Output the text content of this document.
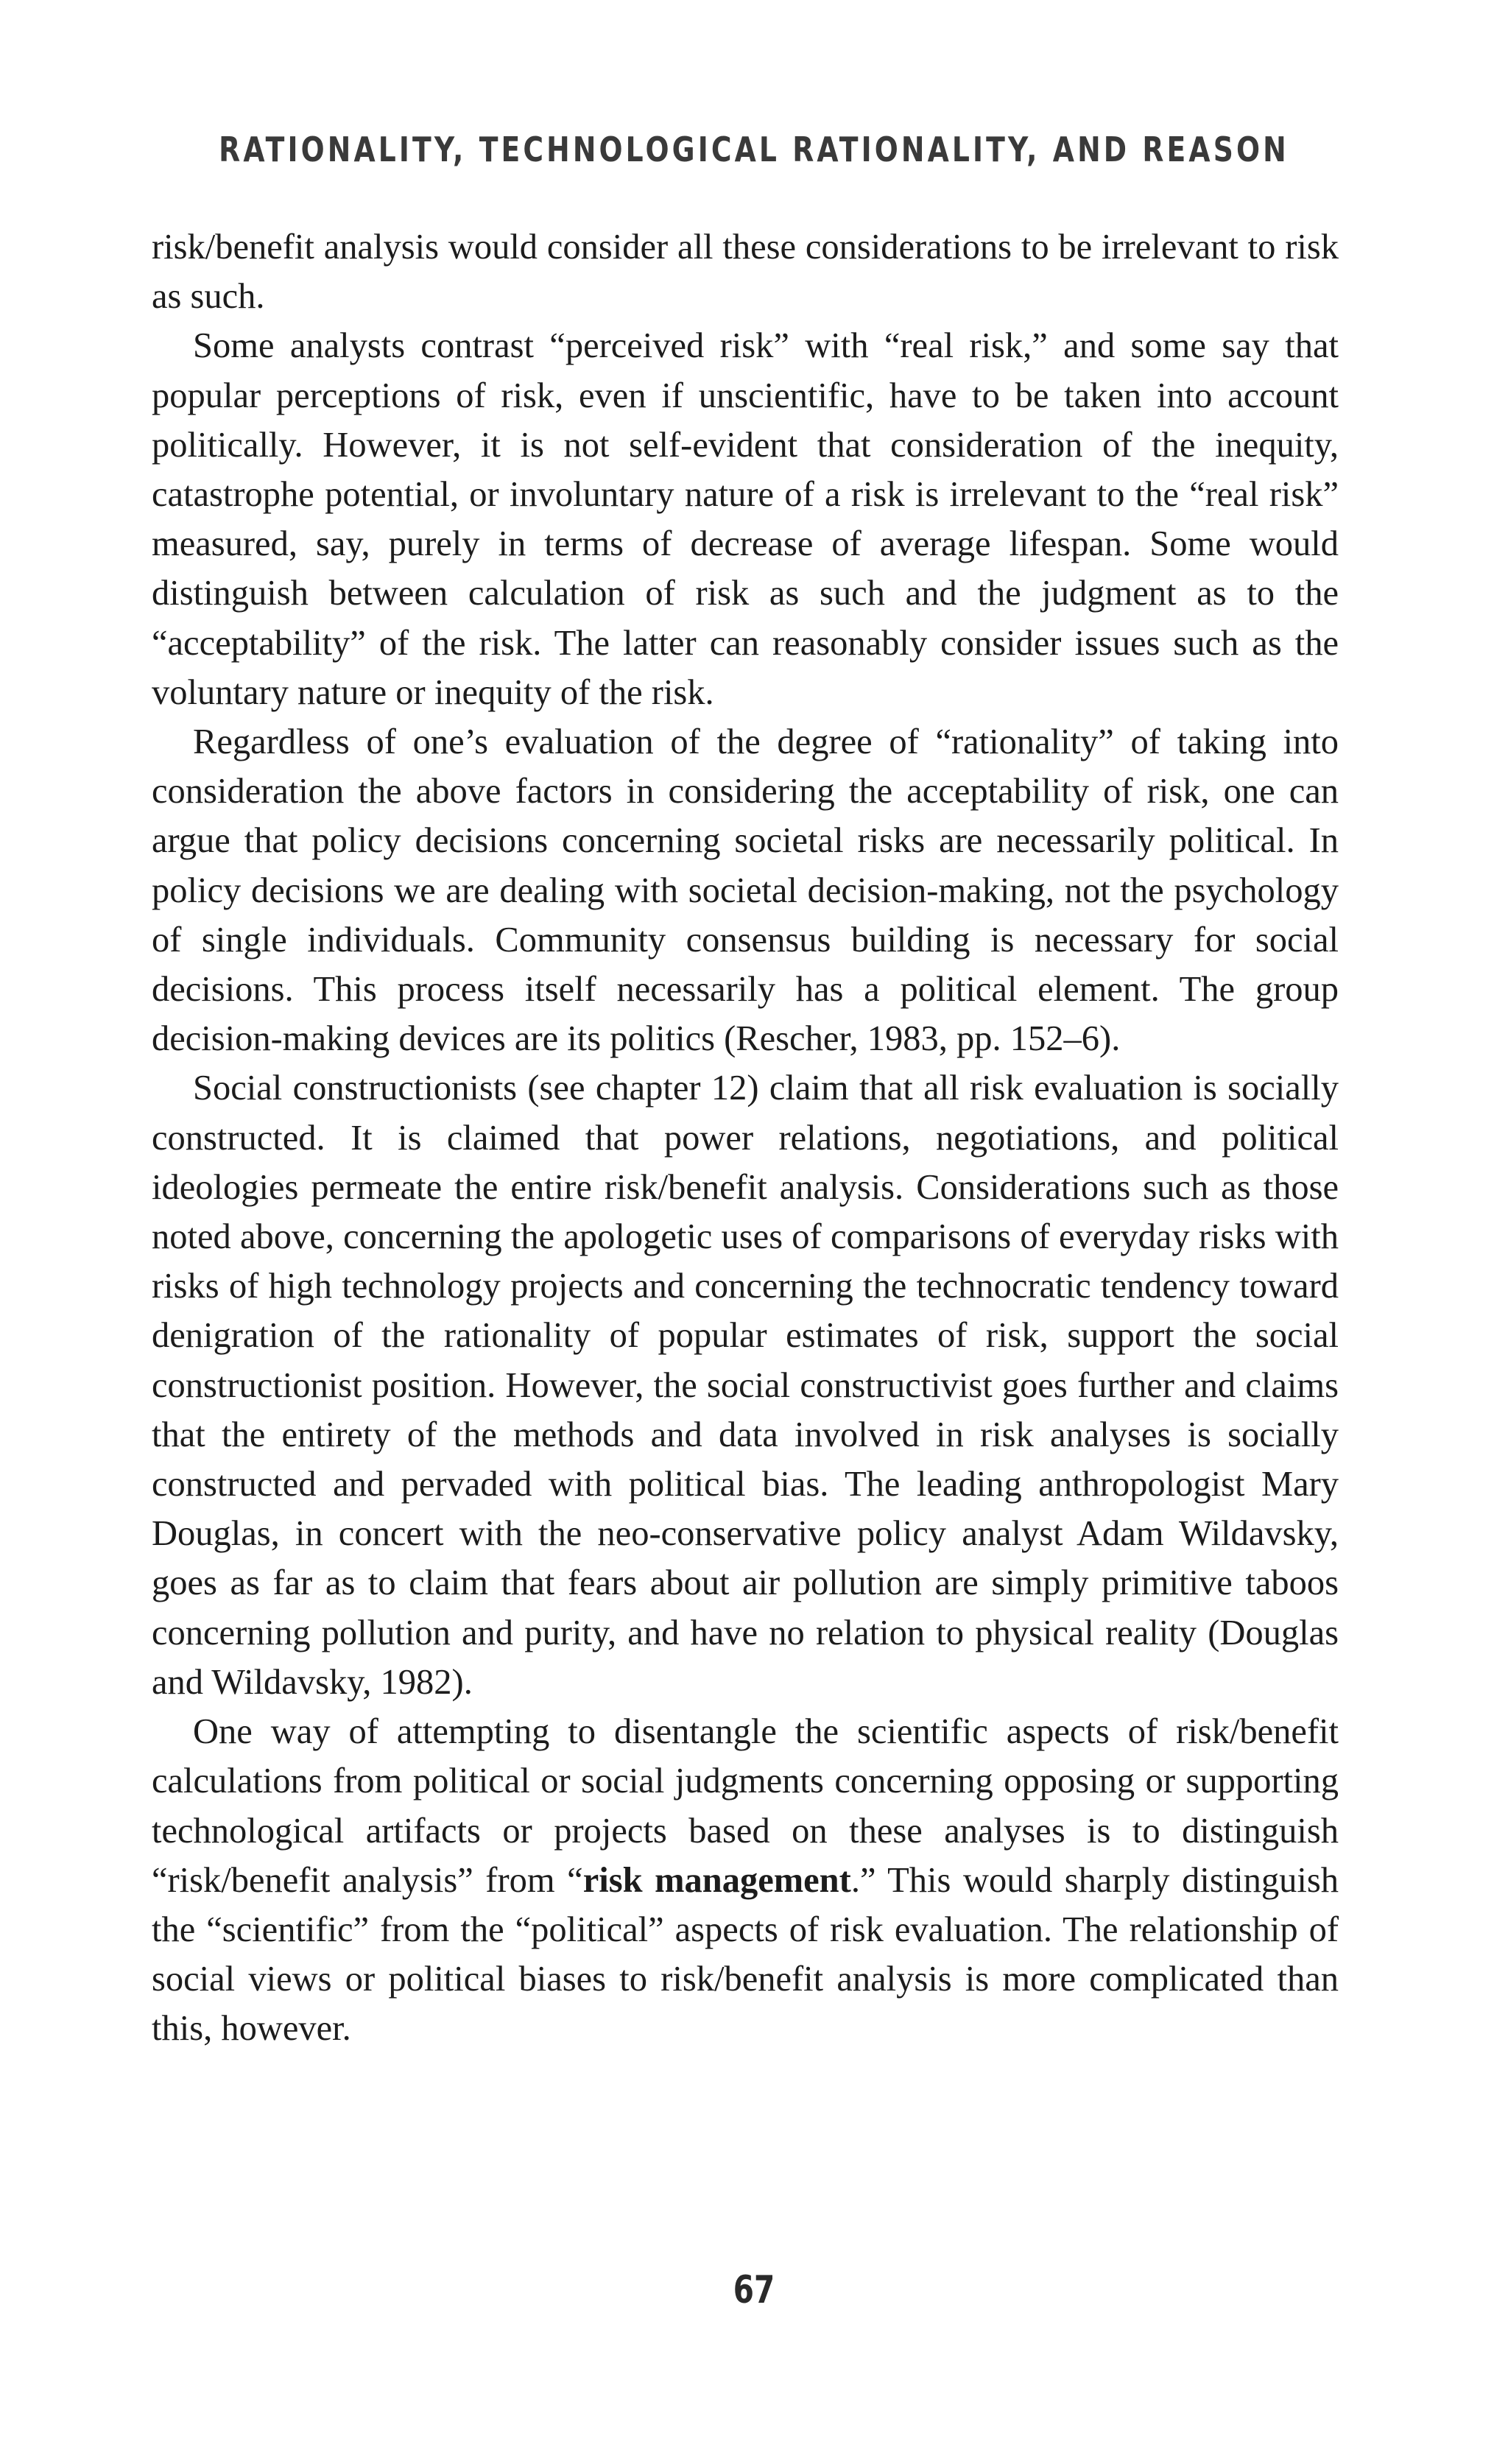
RATIONALITY, TECHNOLOGICAL RATIONALITY, AND REASON

risk/benefit analysis would consider all these considerations to be irrelevant to risk as such.

Some analysts contrast “perceived risk” with “real risk,” and some say that popular perceptions of risk, even if unscientific, have to be taken into account politically. However, it is not self-evident that consideration of the inequity, catastrophe potential, or involuntary nature of a risk is irrelevant to the “real risk” measured, say, purely in terms of decrease of average lifespan. Some would distinguish between calculation of risk as such and the judgment as to the “acceptability” of the risk. The latter can reasonably consider issues such as the voluntary nature or inequity of the risk.

Regardless of one’s evaluation of the degree of “rationality” of taking into consideration the above factors in considering the acceptability of risk, one can argue that policy decisions concerning societal risks are necessarily political. In policy decisions we are dealing with societal decision-making, not the psychology of single individuals. Community consensus building is necessary for social decisions. This process itself necessarily has a political element. The group decision-making devices are its politics (Rescher, 1983, pp. 152–6).

Social constructionists (see chapter 12) claim that all risk evaluation is socially constructed. It is claimed that power relations, negotiations, and political ideologies permeate the entire risk/benefit analysis. Considerations such as those noted above, concerning the apologetic uses of comparisons of everyday risks with risks of high technology projects and concerning the technocratic tendency toward denigration of the rationality of popular estimates of risk, support the social constructionist position. However, the social constructivist goes further and claims that the entirety of the methods and data involved in risk analyses is socially constructed and pervaded with political bias. The leading anthropologist Mary Douglas, in concert with the neo-conservative policy analyst Adam Wildavsky, goes as far as to claim that fears about air pollution are simply primitive taboos concerning pollution and purity, and have no relation to physical reality (Douglas and Wildavsky, 1982).

One way of attempting to disentangle the scientific aspects of risk/benefit calculations from political or social judgments concerning opposing or supporting technological artifacts or projects based on these analyses is to distinguish “risk/benefit analysis” from “risk management.” This would sharply distinguish the “scientific” from the “political” aspects of risk evaluation. The relationship of social views or political biases to risk/benefit analysis is more complicated than this, however.

67
